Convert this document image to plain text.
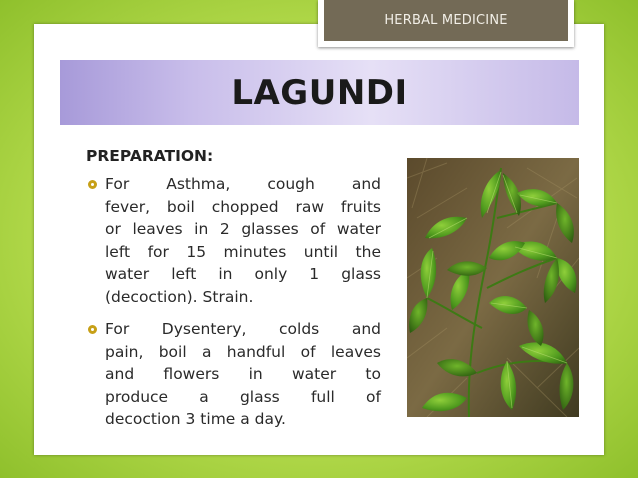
HERBAL MEDICINE
LAGUNDI
PREPARATION:
For Asthma, cough and
fever, boil chopped raw fruits
or leaves in 2 glasses of water
left for 15 minutes until the
water left in only 1 glass
(decoction). Strain.
For Dysentery, colds and
pain, boil a handful of leaves
and flowers in water to
produce a glass full of
decoction 3 time a day.
